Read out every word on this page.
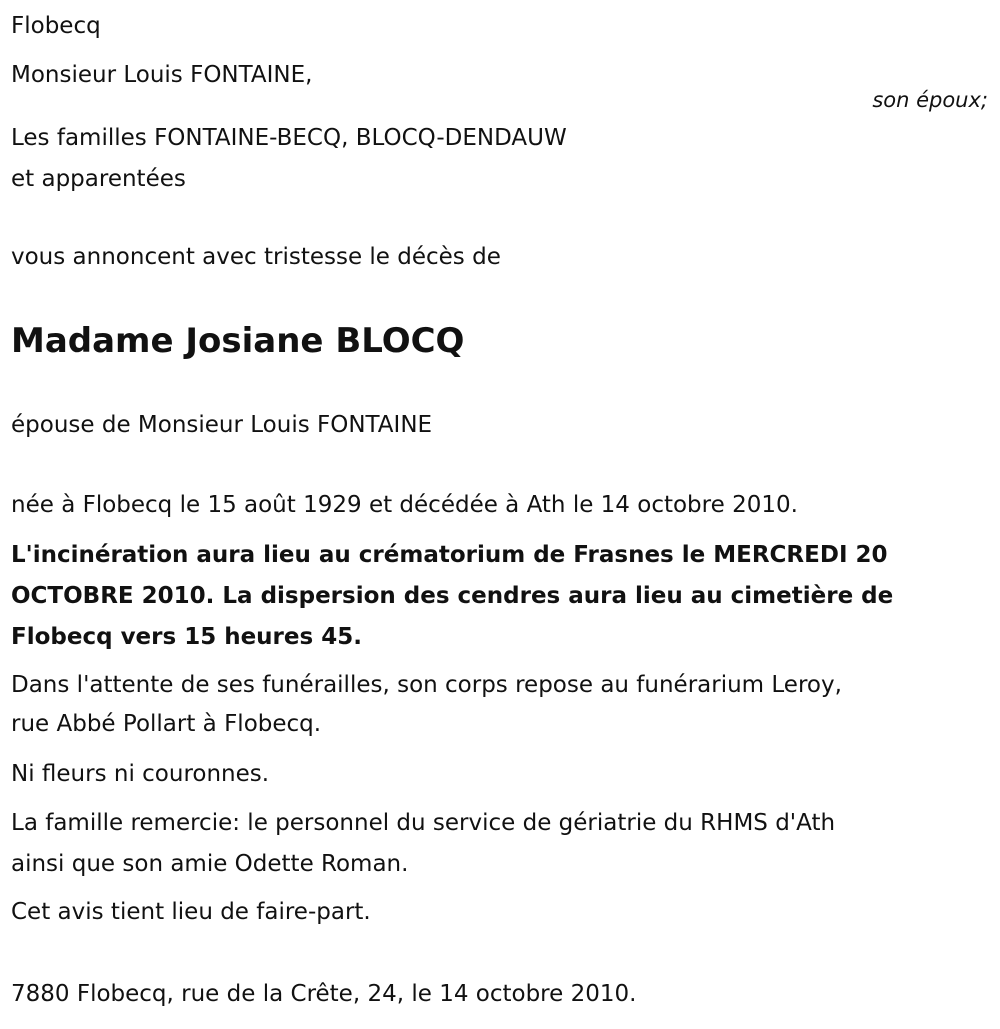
Flobecq
Monsieur Louis FONTAINE,
son époux;
Les familles FONTAINE-BECQ, BLOCQ-DENDAUW
et apparentées
vous annoncent avec tristesse le décès de
Madame Josiane BLOCQ
épouse de Monsieur Louis FONTAINE
née à Flobecq le 15 août 1929 et décédée à Ath le 14 octobre 2010.
L'incinération aura lieu au crématorium de Frasnes le MERCREDI 20
OCTOBRE 2010. La dispersion des cendres aura lieu au cimetière de
Flobecq vers 15 heures 45.
Dans l'attente de ses funérailles, son corps repose au funérarium Leroy,
rue Abbé Pollart à Flobecq.
Ni fleurs ni couronnes.
La famille remercie: le personnel du service de gériatrie du RHMS d'Ath
ainsi que son amie Odette Roman.
Cet avis tient lieu de faire-part.
7880 Flobecq, rue de la Crête, 24, le 14 octobre 2010.
